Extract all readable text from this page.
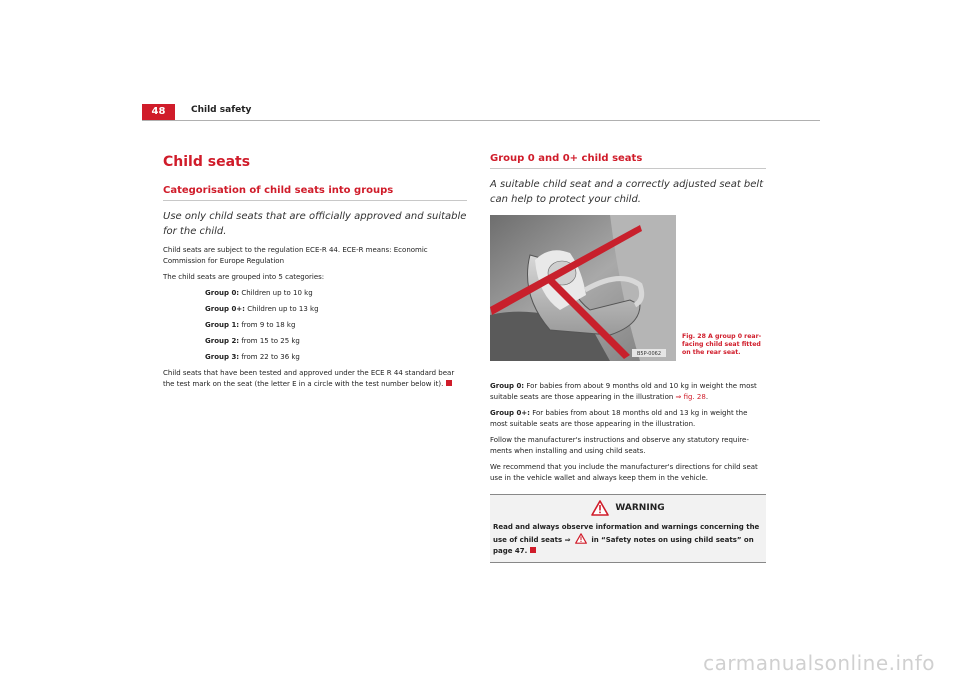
48	Child safety
Child seats
Categorisation of child seats into groups

Use only child seats that are officially approved and suitable for the child.

Child seats are subject to the regulation ECE-R 44. ECE-R means: Economic Commission for Europe Regulation

The child seats are grouped into 5 categories:

Group 0: Children up to 10 kg
Group 0+: Children up to 13 kg
Group 1: from 9 to 18 kg
Group 2: from 15 to 25 kg
Group 3: from 22 to 36 kg

Child seats that have been tested and approved under the ECE R 44 standard bear the test mark on the seat (the letter E in a circle with the test number below it).

Group 0 and 0+ child seats

A suitable child seat and a correctly adjusted seat belt can help to protect your child.

B5P-0062
Fig. 28 A group 0 rear-facing child seat fitted on the rear seat.

Group 0: For babies from about 9 months old and 10 kg in weight the most suitable seats are those appearing in the illustration ⇒ fig. 28.

Group 0+: For babies from about 18 months old and 13 kg in weight the most suitable seats are those appearing in the illustration.

Follow the manufacturer's instructions and observe any statutory require-ments when installing and using child seats.

We recommend that you include the manufacturer's directions for child seat use in the vehicle wallet and always keep them in the vehicle.

WARNING
Read and always observe information and warnings concerning the use of child seats ⇒	in “Safety notes on using child seats” on page 47.
carmanualsonline.info
